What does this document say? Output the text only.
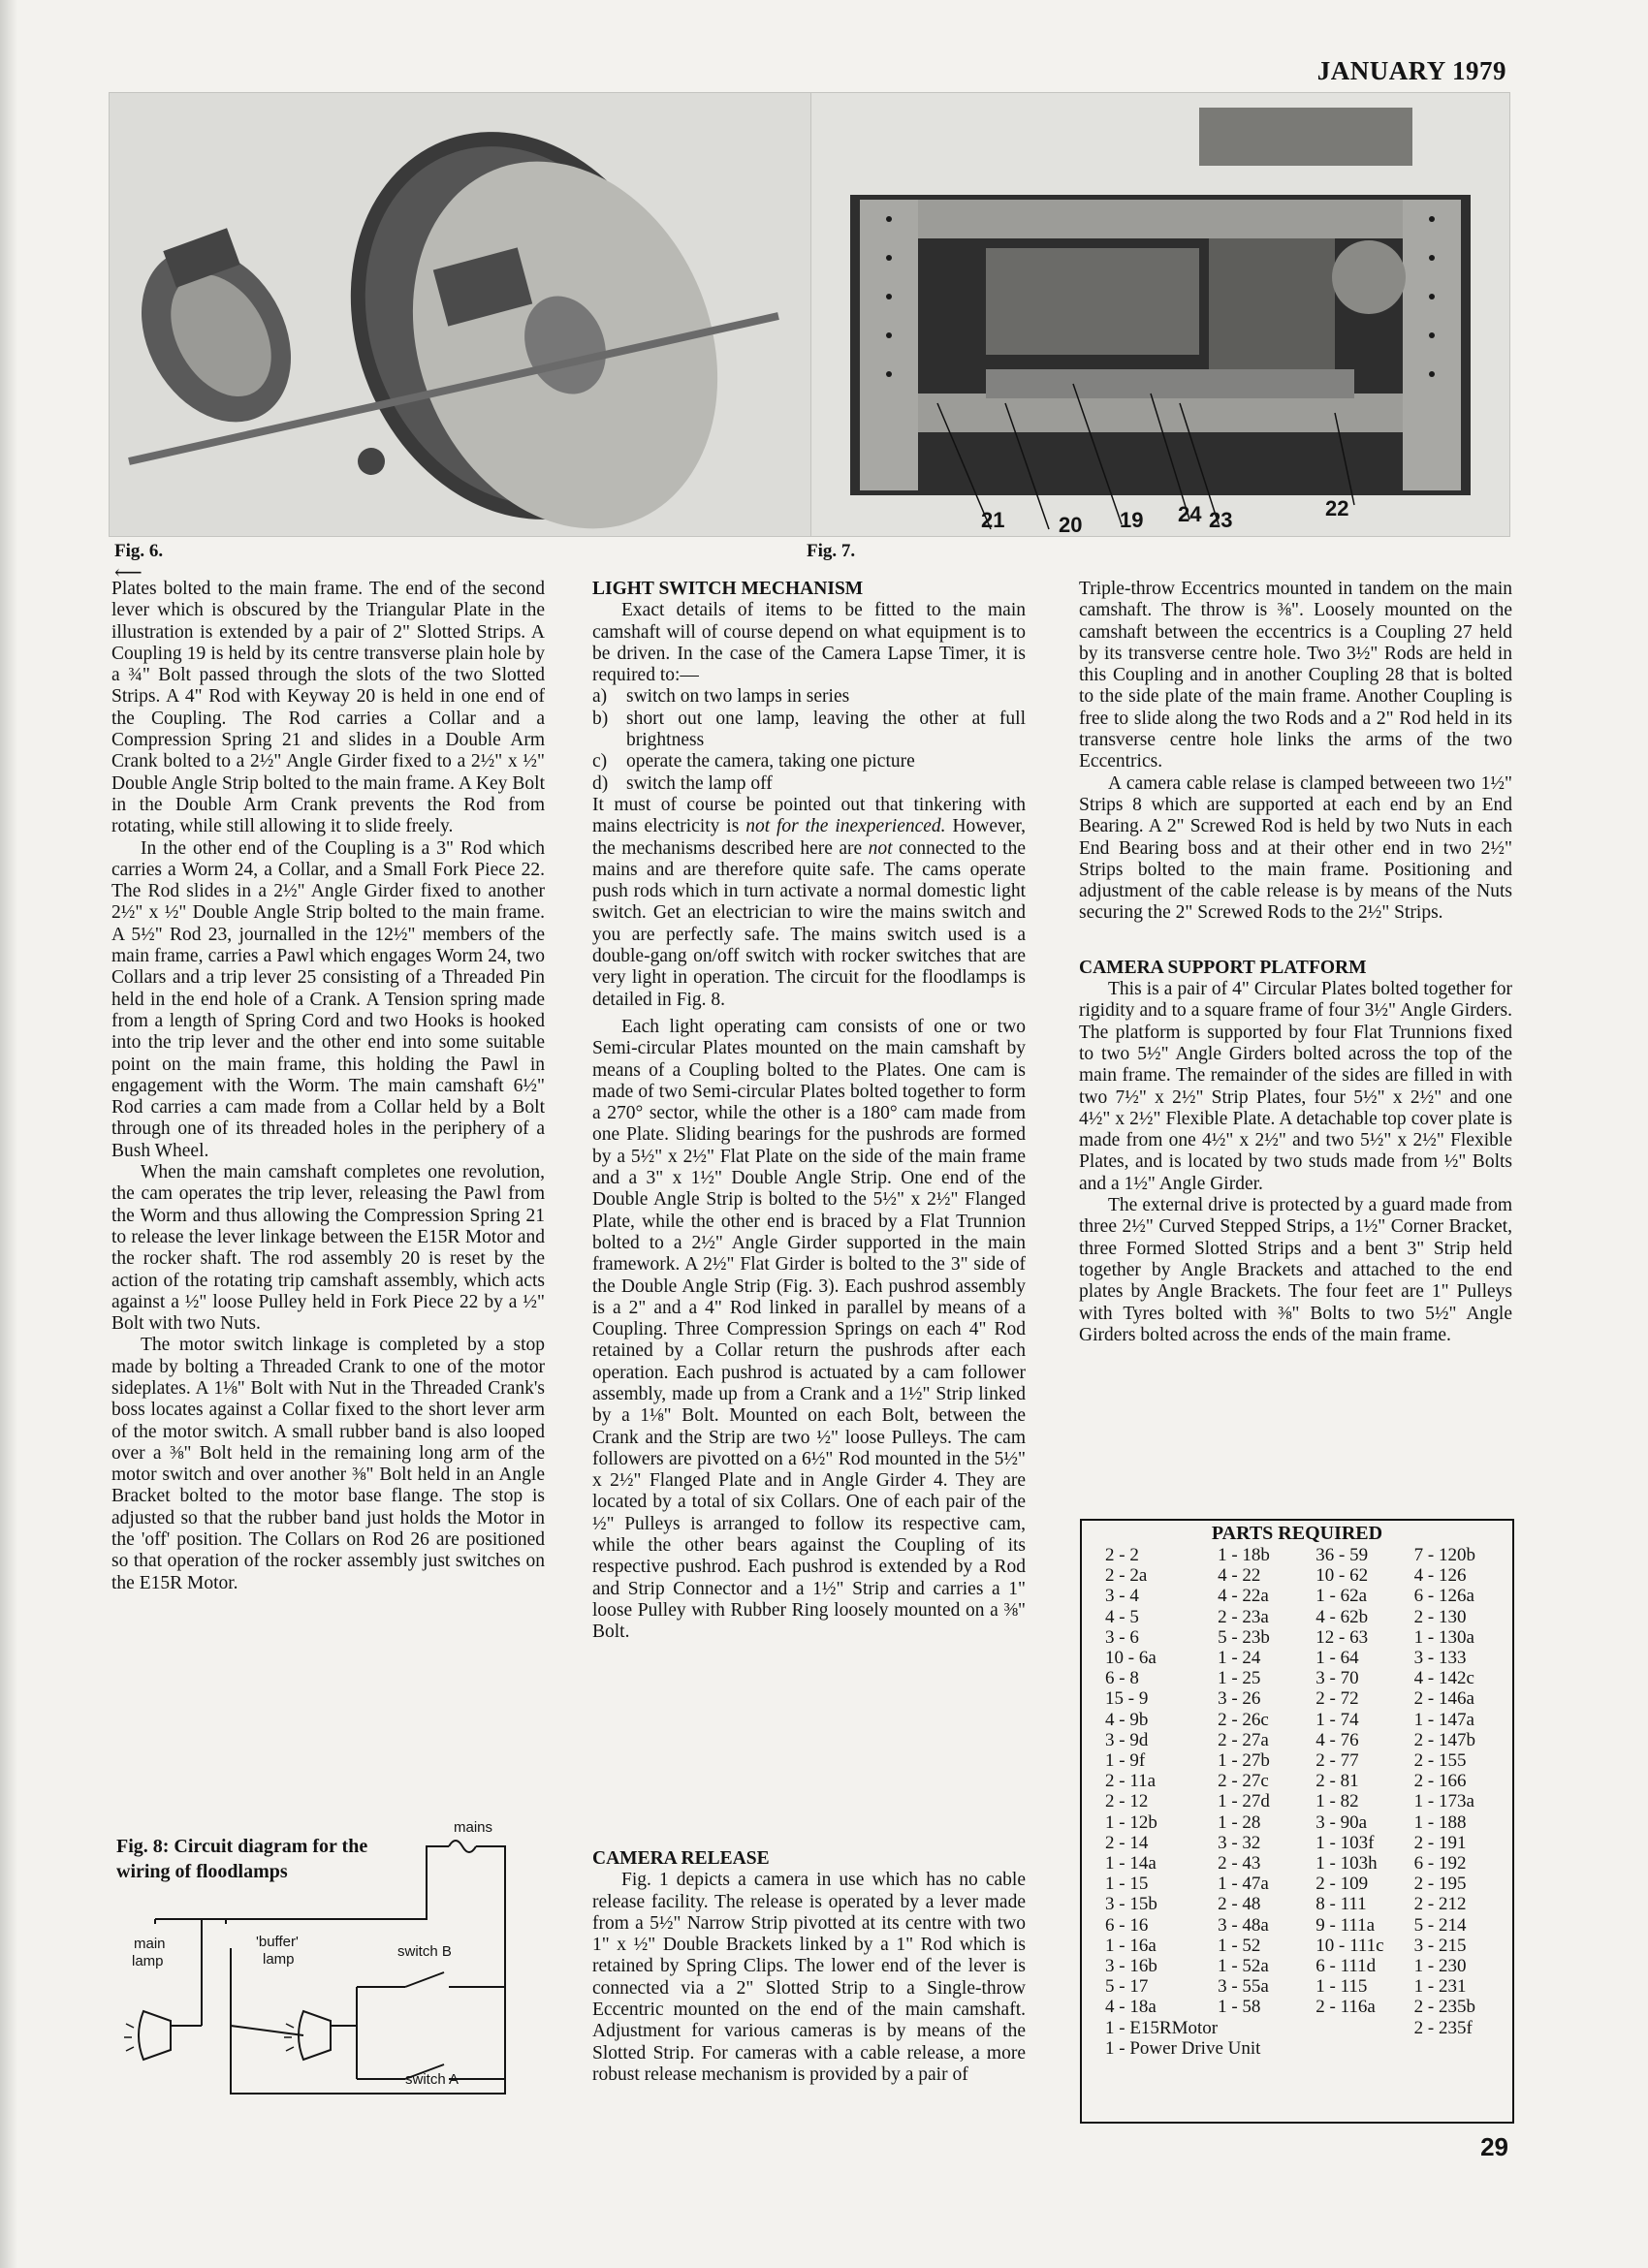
JANUARY 1979
21	20 19 24 23	22
Fig. 6.
⟵
Fig. 7.

Plates bolted to the main frame. The end of the second lever which is obscured by the Triangular Plate in the illustration is extended by a pair of 2" Slotted Strips. A Coupling 19 is held by its centre transverse plain hole by a ¾" Bolt passed through the slots of the two Slotted Strips. A 4" Rod with Keyway 20 is held in one end of the Coupling. The Rod carries a Collar and a Compression Spring 21 and slides in a Double Arm Crank bolted to a 2½" Angle Girder fixed to a 2½" x ½" Double Angle Strip bolted to the main frame. A Key Bolt in the Double Arm Crank prevents the Rod from rotating, while still allowing it to slide freely.

In the other end of the Coupling is a 3" Rod which carries a Worm 24, a Collar, and a Small Fork Piece 22. The Rod slides in a 2½" Angle Girder fixed to another 2½" x ½" Double Angle Strip bolted to the main frame. A 5½" Rod 23, journalled in the 12½" members of the main frame, carries a Pawl which engages Worm 24, two Collars and a trip lever 25 consisting of a Threaded Pin held in the end hole of a Crank. A Tension spring made from a length of Spring Cord and two Hooks is hooked into the trip lever and the other end into some suitable point on the main frame, this holding the Pawl in engagement with the Worm. The main camshaft 6½" Rod carries a cam made from a Collar held by a Bolt through one of its threaded holes in the periphery of a Bush Wheel.

When the main camshaft completes one revolution, the cam operates the trip lever, releasing the Pawl from the Worm and thus allowing the Compression Spring 21 to release the lever linkage between the E15R Motor and the rocker shaft. The rod assembly 20 is reset by the action of the rotating trip camshaft assembly, which acts against a ½" loose Pulley held in Fork Piece 22 by a ½" Bolt with two Nuts.

The motor switch linkage is completed by a stop made by bolting a Threaded Crank to one of the motor sideplates. A 1⅛" Bolt with Nut in the Threaded Crank's boss locates against a Collar fixed to the short lever arm of the motor switch. A small rubber band is also looped over a ⅜" Bolt held in the remaining long arm of the motor switch and over another ⅜" Bolt held in an Angle Bracket bolted to the motor base flange. The stop is adjusted so that the rubber band just holds the Motor in the 'off' position. The Collars on Rod 26 are positioned so that operation of the rocker assembly just switches on the E15R Motor.

Fig. 8: Circuit diagram for the wiring of floodlamps
mains
main
lamp
'buffer'
lamp	switch B
switch A
LIGHT SWITCH MECHANISM

Exact details of items to be fitted to the main camshaft will of course depend on what equipment is to be driven. In the case of the Camera Lapse Timer, it is required to:—

a)	switch on two lamps in series
b) short out one lamp, leaving the other at full brightness
c)	operate the camera, taking one picture
d) switch the lamp off

It must of course be pointed out that tinkering with mains electricity is not for the inexperienced. However, the mechanisms described here are not connected to the mains and are therefore quite safe. The cams operate push rods which in turn activate a normal domestic light switch. Get an electrician to wire the mains switch and you are perfectly safe. The mains switch used is a double-gang on/off switch with rocker switches that are very light in operation. The circuit for the floodlamps is detailed in Fig. 8.

Each light operating cam consists of one or two Semi-circular Plates mounted on the main camshaft by means of a Coupling bolted to the Plates. One cam is made of two Semi-circular Plates bolted together to form a 270° sector, while the other is a 180° cam made from one Plate. Sliding bearings for the pushrods are formed by a 5½" x 2½" Flat Plate on the side of the main frame and a 3" x 1½" Double Angle Strip. One end of the Double Angle Strip is bolted to the 5½" x 2½" Flanged Plate, while the other end is braced by a Flat Trunnion bolted to a 2½" Angle Girder supported in the main framework. A 2½" Flat Girder is bolted to the 3" side of the Double Angle Strip (Fig. 3). Each pushrod assembly is a 2" and a 4" Rod linked in parallel by means of a Coupling. Three Compression Springs on each 4" Rod retained by a Collar return the pushrods after each operation. Each pushrod is actuated by a cam follower assembly, made up from a Crank and a 1½" Strip linked by a 1⅛" Bolt. Mounted on each Bolt, between the Crank and the Strip are two ½" loose Pulleys. The cam followers are pivotted on a 6½" Rod mounted in the 5½" x 2½" Flanged Plate and in Angle Girder 4. They are located by a total of six Collars. One of each pair of the ½" Pulleys is arranged to follow its respective cam, while the other bears against the Coupling of its respective pushrod. Each pushrod is extended by a Rod and Strip Connector and a 1½" Strip and carries a 1" loose Pulley with Rubber Ring loosely mounted on a ⅜" Bolt.

CAMERA RELEASE

Fig. 1 depicts a camera in use which has no cable release facility. The release is operated by a lever made from a 5½" Narrow Strip pivotted at its centre with two 1" x ½" Double Brackets linked by a 1" Rod which is retained by Spring Clips. The lower end of the lever is connected via a 2" Slotted Strip to a Single-throw Eccentric mounted on the end of the main camshaft. Adjustment for various cameras is by means of the Slotted Strip. For cameras with a cable release, a more robust release mechanism is provided by a pair of

Triple-throw Eccentrics mounted in tandem on the main camshaft. The throw is ⅜". Loosely mounted on the camshaft between the eccentrics is a Coupling 27 held by its transverse centre hole. Two 3½" Rods are held in this Coupling and in another Coupling 28 that is bolted to the side plate of the main frame. Another Coupling is free to slide along the two Rods and a 2" Rod held in its transverse centre hole links the arms of the two Eccentrics.

A camera cable relase is clamped betweeen two 1½" Strips 8 which are supported at each end by an End Bearing. A 2" Screwed Rod is held by two Nuts in each End Bearing boss and at their other end in two 2½" Strips bolted to the main frame. Positioning and adjustment of the cable release is by means of the Nuts securing the 2" Screwed Rods to the 2½" Strips.

CAMERA SUPPORT PLATFORM

This is a pair of 4" Circular Plates bolted together for rigidity and to a square frame of four 3½" Angle Girders. The platform is supported by four Flat Trunnions fixed to two 5½" Angle Girders bolted across the top of the main frame. The remainder of the sides are filled in with two 7½" x 2½" Strip Plates, four 5½" x 2½" and one 4½" x 2½" Flexible Plate. A detachable top cover plate is made from one 4½" x 2½" and two 5½" x 2½" Flexible Plates, and is located by two studs made from ½" Bolts and a 1½" Angle Girder.

The external drive is protected by a guard made from three 2½" Curved Stepped Strips, a 1½" Corner Bracket, three Formed Slotted Strips and a bent 3" Strip held together by Angle Brackets and attached to the end plates by Angle Brackets. The four feet are 1" Pulleys with Tyres bolted with ⅜" Bolts to two 5½" Angle Girders bolted across the ends of the main frame.

PARTS REQUIRED
2 - 2	1 - 18b	36 - 59	7 - 120b
2 - 2a	4 - 22	10 - 62	4 - 126
3 - 4	4 - 22a	1 - 62a	6 - 126a
4 - 5	2 - 23a	4 - 62b	2 - 130
3 - 6	5 - 23b	12 - 63	1 - 130a
10 - 6a	1 - 24	1 - 64	3 - 133
6 - 8	1 - 25	3 - 70	4 - 142c
15 - 9	3 - 26	2 - 72	2 - 146a
4 - 9b	2 - 26c	1 - 74	1 - 147a
3 - 9d	2 - 27a	4 - 76	2 - 147b
1 - 9f	1 - 27b	2 - 77	2 - 155
2 - 11a	2 - 27c	2 - 81	2 - 166
2 - 12	1 - 27d	1 - 82	1 - 173a
1 - 12b	1 - 28	3 - 90a	1 - 188
2 - 14	3 - 32	1 - 103f	2 - 191
1 - 14a	2 - 43	1 - 103h	6 - 192
1 - 15	1 - 47a	2 - 109	2 - 195
3 - 15b	2 - 48	8 - 111	2 - 212
6 - 16	3 - 48a	9 - 111a	5 - 214
1 - 16a	1 - 52	10 - 111c	3 - 215
3 - 16b	1 - 52a	6 - 111d	1 - 230
5 - 17	3 - 55a	1 - 115	1 - 231
4 - 18a	1 - 58	2 - 116a	2 - 235b
1 - E15RMotor			2 - 235f
1 - Power Drive Unit
29
